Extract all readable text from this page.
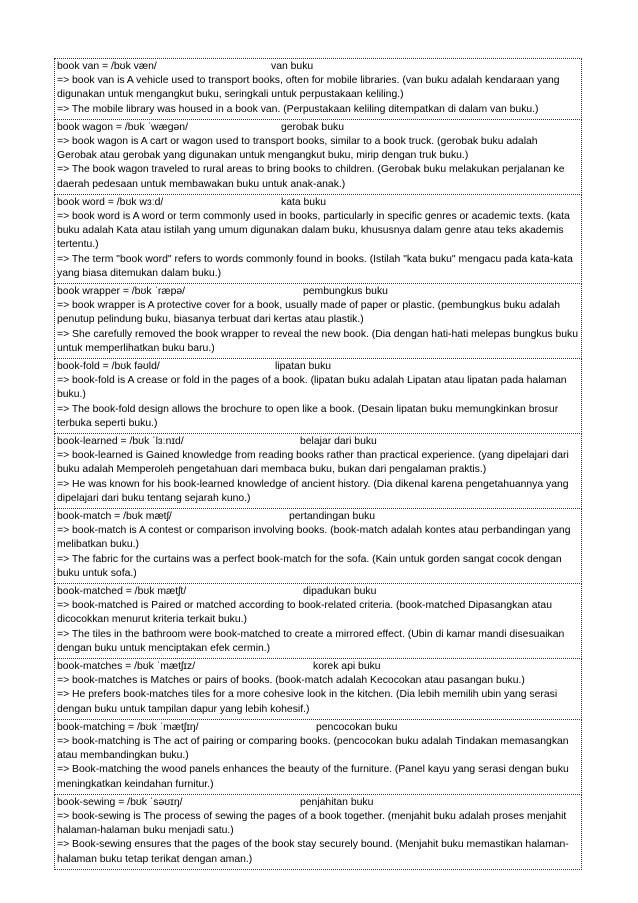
book van = /bʊk væn/	van buku

=> book van is A vehicle used to transport books, often for mobile libraries. (van buku adalah kendaraan yang digunakan untuk mengangkut buku, seringkali untuk perpustakaan keliling.)

=> The mobile library was housed in a book van. (Perpustakaan keliling ditempatkan di dalam van buku.)

book wagon = /bʊk ˈwæɡən/	gerobak buku

=> book wagon is A cart or wagon used to transport books, similar to a book truck. (gerobak buku adalah Gerobak atau gerobak yang digunakan untuk mengangkut buku, mirip dengan truk buku.)

=> The book wagon traveled to rural areas to bring books to children. (Gerobak buku melakukan perjalanan ke daerah pedesaan untuk membawakan buku untuk anak-anak.)

book word = /bʊk wɜːd/	kata buku

=> book word is A word or term commonly used in books, particularly in specific genres or academic texts. (kata buku adalah Kata atau istilah yang umum digunakan dalam buku, khususnya dalam genre atau teks akademis tertentu.)

=> The term "book word" refers to words commonly found in books. (Istilah "kata buku" mengacu pada kata-kata yang biasa ditemukan dalam buku.)

book wrapper = /bʊk ˈræpə/	pembungkus buku

=> book wrapper is A protective cover for a book, usually made of paper or plastic. (pembungkus buku adalah penutup pelindung buku, biasanya terbuat dari kertas atau plastik.)

=> She carefully removed the book wrapper to reveal the new book. (Dia dengan hati-hati melepas bungkus buku untuk memperlihatkan buku baru.)

book-fold = /bʊk fəʊld/	lipatan buku

=> book-fold is A crease or fold in the pages of a book. (lipatan buku adalah Lipatan atau lipatan pada halaman buku.)

=> The book-fold design allows the brochure to open like a book. (Desain lipatan buku memungkinkan brosur terbuka seperti buku.)

book-learned = /bʊk ˈlɜːnɪd/	belajar dari buku

=> book-learned is Gained knowledge from reading books rather than practical experience. (yang dipelajari dari buku adalah Memperoleh pengetahuan dari membaca buku, bukan dari pengalaman praktis.)

=> He was known for his book-learned knowledge of ancient history. (Dia dikenal karena pengetahuannya yang dipelajari dari buku tentang sejarah kuno.)

book-match = /bʊk mætʃ/	pertandingan buku

=> book-match is A contest or comparison involving books. (book-match adalah kontes atau perbandingan yang melibatkan buku.)

=> The fabric for the curtains was a perfect book-match for the sofa. (Kain untuk gorden sangat cocok dengan buku untuk sofa.)

book-matched = /bʊk mætʃt/	dipadukan buku

=> book-matched is Paired or matched according to book-related criteria. (book-matched Dipasangkan atau dicocokkan menurut kriteria terkait buku.)

=> The tiles in the bathroom were book-matched to create a mirrored effect. (Ubin di kamar mandi disesuaikan dengan buku untuk menciptakan efek cermin.)

book-matches = /bʊk ˈmætʃɪz/	korek api buku

=> book-matches is Matches or pairs of books. (book-match adalah Kecocokan atau pasangan buku.)

=> He prefers book-matches tiles for a more cohesive look in the kitchen. (Dia lebih memilih ubin yang serasi dengan buku untuk tampilan dapur yang lebih kohesif.)

book-matching = /bʊk ˈmætʃɪŋ/	pencocokan buku

=> book-matching is The act of pairing or comparing books. (pencocokan buku adalah Tindakan memasangkan atau membandingkan buku.)

=> Book-matching the wood panels enhances the beauty of the furniture. (Panel kayu yang serasi dengan buku meningkatkan keindahan furnitur.)

book-sewing = /bʊk ˈsəʊɪŋ/	penjahitan buku

=> book-sewing is The process of sewing the pages of a book together. (menjahit buku adalah proses menjahit halaman-halaman buku menjadi satu.)

=> Book-sewing ensures that the pages of the book stay securely bound. (Menjahit buku memastikan halaman-halaman buku tetap terikat dengan aman.)
